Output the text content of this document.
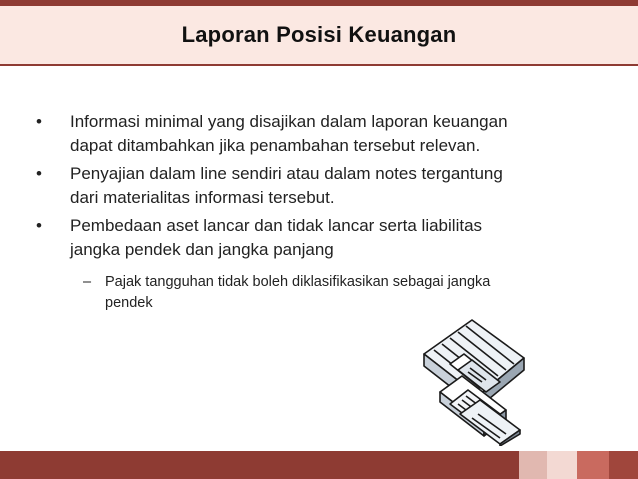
Laporan Posisi Keuangan
•	Informasi minimal yang disajikan dalam laporan keuangan
dapat ditambahkan jika penambahan tersebut relevan.
•	Penyajian dalam line sendiri atau dalam notes tergantung
dari materialitas informasi tersebut.
•	Pembedaan aset lancar dan tidak lancar serta liabilitas
jangka pendek dan jangka panjang
– Pajak tangguhan tidak boleh diklasifikasikan sebagai jangka
pendek
